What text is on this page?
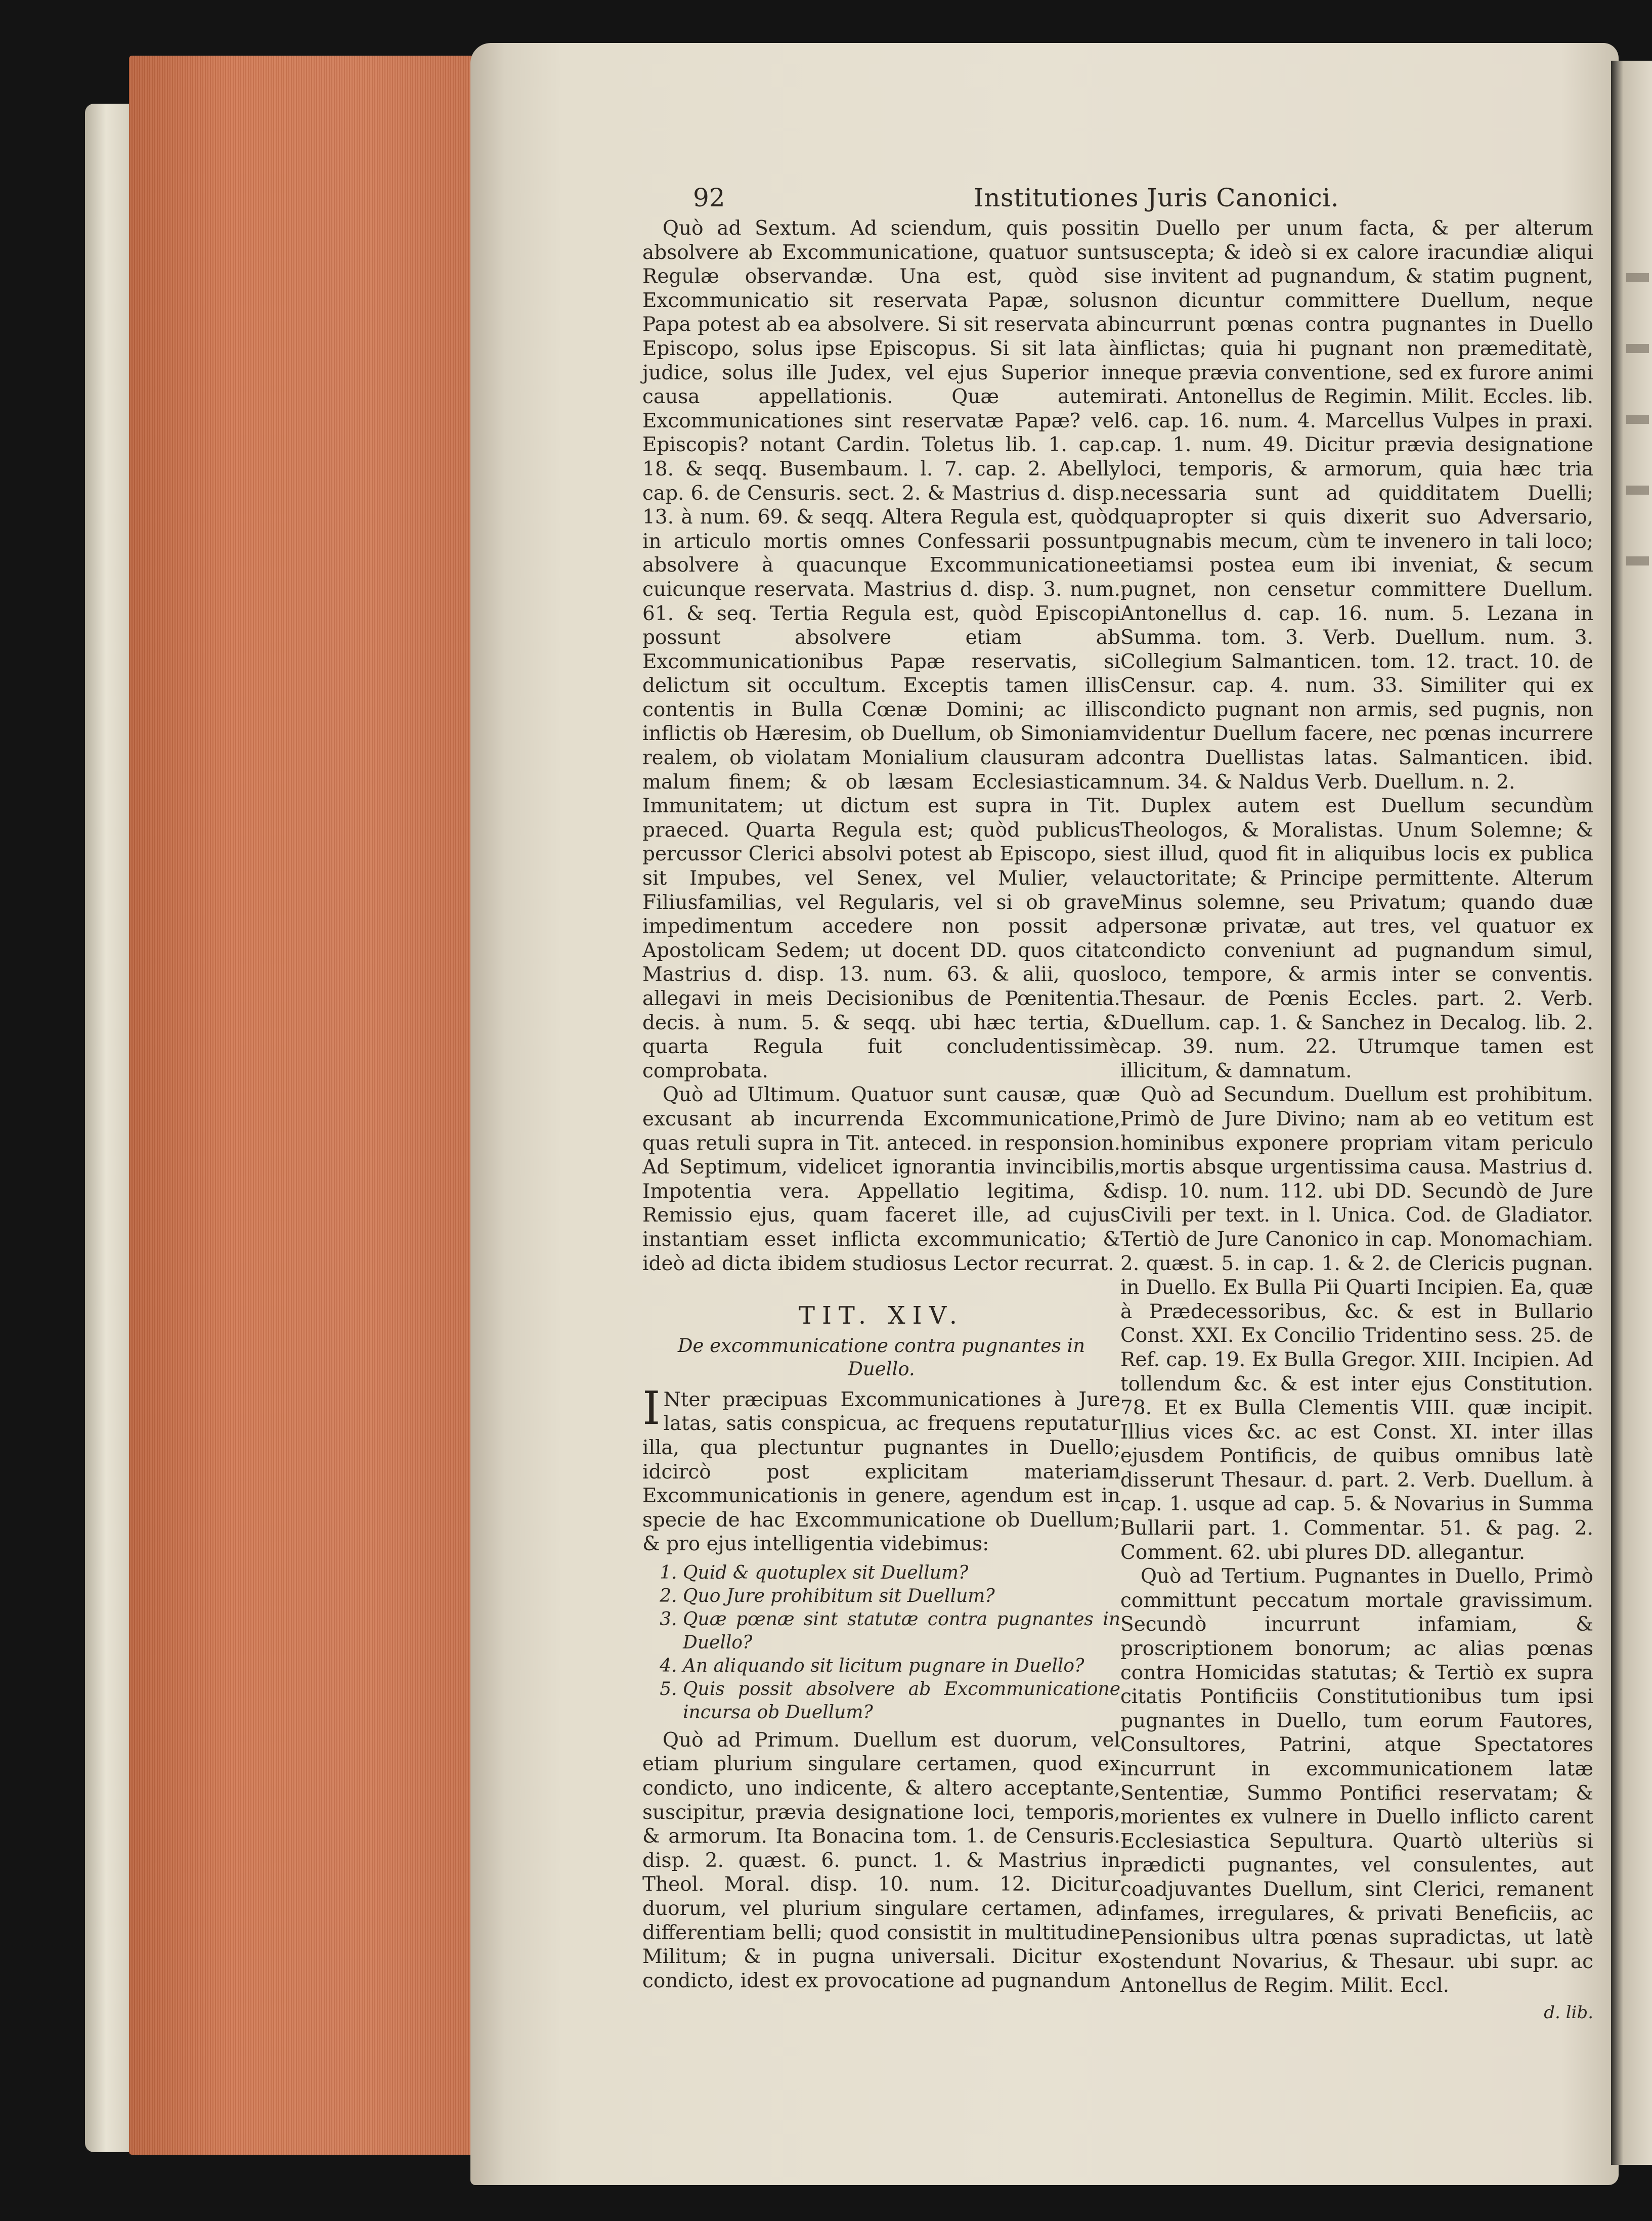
92	Institutiones Juris Canonici.

Quò ad Sextum. Ad sciendum, quis possit absolvere ab Excommunicatione, quatuor sunt Regulæ observandæ. Una est, quòd si Excommunicatio sit reservata Papæ, solus Papa potest ab ea absolvere. Si sit reservata ab Episcopo, solus ipse Episcopus. Si sit lata à judice, solus ille Judex, vel ejus Superior in causa appellationis. Quæ autem Excommunicationes sint reservatæ Papæ? vel Episcopis? notant Cardin. Toletus lib. 1. cap. 18. & seqq. Busembaum. l. 7. cap. 2. Abelly cap. 6. de Censuris. sect. 2. & Mastrius d. disp. 13. à num. 69. & seqq. Altera Regula est, quòd in articulo mortis omnes Confessarii possunt absolvere à quacunque Excommunicatione cuicunque reservata. Mastrius d. disp. 3. num. 61. & seq. Tertia Regula est, quòd Episcopi possunt absolvere etiam ab Excommunicationibus Papæ reservatis, si delictum sit occultum. Exceptis tamen illis contentis in Bulla Cœnæ Domini; ac illis inflictis ob Hæresim, ob Duellum, ob Simoniam realem, ob violatam Monialium clausuram ad malum finem; & ob læsam Ecclesiasticam Immunitatem; ut dictum est supra in Tit. praeced. Quarta Regula est; quòd publicus percussor Clerici absolvi potest ab Episcopo, si sit Impubes, vel Senex, vel Mulier, vel Filiusfamilias, vel Regularis, vel si ob grave impedimentum accedere non possit ad Apostolicam Sedem; ut docent DD. quos citat Mastrius d. disp. 13. num. 63. & alii, quos allegavi in meis Decisionibus de Pœnitentia. decis. à num. 5. & seqq. ubi hæc tertia, & quarta Regula fuit concludentissimè comprobata.

Quò ad Ultimum. Quatuor sunt causæ, quæ excusant ab incurrenda Excommunicatione, quas retuli supra in Tit. anteced. in responsion. Ad Septimum, videlicet ignorantia invincibilis, Impotentia vera. Appellatio legitima, & Remissio ejus, quam faceret ille, ad cujus instantiam esset inflicta excommunicatio; & ideò ad dicta ibidem studiosus Lector recurrat.

TIT. XIV.
De excommunicatione contra pugnantes in Duello.

I Nter præcipuas Excommunicationes à Jure latas, satis conspicua, ac frequens reputatur illa, qua plectuntur pugnantes in Duello; idcircò post explicitam materiam Excommunicationis in genere, agendum est in specie de hac Excommunicatione ob Duellum; & pro ejus intelligentia videbimus:

1. Quid & quotuplex sit Duellum?
2. Quo Jure prohibitum sit Duellum?
3. Quæ pœnæ sint statutæ contra pugnantes in Duello?
4. An aliquando sit licitum pugnare in Duello?
5. Quis possit absolvere ab Excommunicatione incursa ob Duellum?

Quò ad Primum. Duellum est duorum, vel etiam plurium singulare certamen, quod ex condicto, uno indicente, & altero acceptante, suscipitur, prævia designatione loci, temporis, & armorum. Ita Bonacina tom. 1. de Censuris. disp. 2. quæst. 6. punct. 1. & Mastrius in Theol. Moral. disp. 10. num. 12. Dicitur duorum, vel plurium singulare certamen, ad differentiam belli; quod consistit in multitudine Militum; & in pugna universali. Dicitur ex condicto, idest ex provocatione ad pugnandum

in Duello per unum facta, & per alterum suscepta; & ideò si ex calore iracundiæ aliqui se invitent ad pugnandum, & statim pugnent, non dicuntur committere Duellum, neque incurrunt pœnas contra pugnantes in Duello inflictas; quia hi pugnant non præmeditatè, neque prævia conventione, sed ex furore animi irati. Antonellus de Regimin. Milit. Eccles. lib. 6. cap. 16. num. 4. Marcellus Vulpes in praxi. cap. 1. num. 49. Dicitur prævia designatione loci, temporis, & armorum, quia hæc tria necessaria sunt ad quidditatem Duelli; quapropter si quis dixerit suo Adversario, pugnabis mecum, cùm te invenero in tali loco; etiamsi postea eum ibi inveniat, & secum pugnet, non censetur committere Duellum. Antonellus d. cap. 16. num. 5. Lezana in Summa. tom. 3. Verb. Duellum. num. 3. Collegium Salmanticen. tom. 12. tract. 10. de Censur. cap. 4. num. 33. Similiter qui ex condicto pugnant non armis, sed pugnis, non videntur Duellum facere, nec pœnas incurrere contra Duellistas latas. Salmanticen. ibid. num. 34. & Naldus Verb. Duellum. n. 2.

Duplex autem est Duellum secundùm Theologos, & Moralistas. Unum Solemne; & est illud, quod fit in aliquibus locis ex publica auctoritate; & Principe permittente. Alterum Minus solemne, seu Privatum; quando duæ personæ privatæ, aut tres, vel quatuor ex condicto conveniunt ad pugnandum simul, loco, tempore, & armis inter se conventis. Thesaur. de Pœnis Eccles. part. 2. Verb. Duellum. cap. 1. & Sanchez in Decalog. lib. 2. cap. 39. num. 22. Utrumque tamen est illicitum, & damnatum.

Quò ad Secundum. Duellum est prohibitum. Primò de Jure Divino; nam ab eo vetitum est hominibus exponere propriam vitam periculo mortis absque urgentissima causa. Mastrius d. disp. 10. num. 112. ubi DD. Secundò de Jure Civili per text. in l. Unica. Cod. de Gladiator. Tertiò de Jure Canonico in cap. Monomachiam. 2. quæst. 5. in cap. 1. & 2. de Clericis pugnan. in Duello. Ex Bulla Pii Quarti Incipien. Ea, quæ à Prædecessoribus, &c. & est in Bullario Const. XXI. Ex Concilio Tridentino sess. 25. de Ref. cap. 19. Ex Bulla Gregor. XIII. Incipien. Ad tollendum &c. & est inter ejus Constitution. 78. Et ex Bulla Clementis VIII. quæ incipit. Illius vices &c. ac est Const. XI. inter illas ejusdem Pontificis, de quibus omnibus latè disserunt Thesaur. d. part. 2. Verb. Duellum. à cap. 1. usque ad cap. 5. & Novarius in Summa Bullarii part. 1. Commentar. 51. & pag. 2. Comment. 62. ubi plures DD. allegantur.

Quò ad Tertium. Pugnantes in Duello, Primò committunt peccatum mortale gravissimum. Secundò incurrunt infamiam, & proscriptionem bonorum; ac alias pœnas contra Homicidas statutas; & Tertiò ex supra citatis Pontificiis Constitutionibus tum ipsi pugnantes in Duello, tum eorum Fautores, Consultores, Patrini, atque Spectatores incurrunt in excommunicationem latæ Sententiæ, Summo Pontifici reservatam; & morientes ex vulnere in Duello inflicto carent Ecclesiastica Sepultura. Quartò ulteriùs si prædicti pugnantes, vel consulentes, aut coadjuvantes Duellum, sint Clerici, remanent infames, irregulares, & privati Beneficiis, ac Pensionibus ultra pœnas supradictas, ut latè ostendunt Novarius, & Thesaur. ubi supr. ac Antonellus de Regim. Milit. Eccl.

d. lib.
